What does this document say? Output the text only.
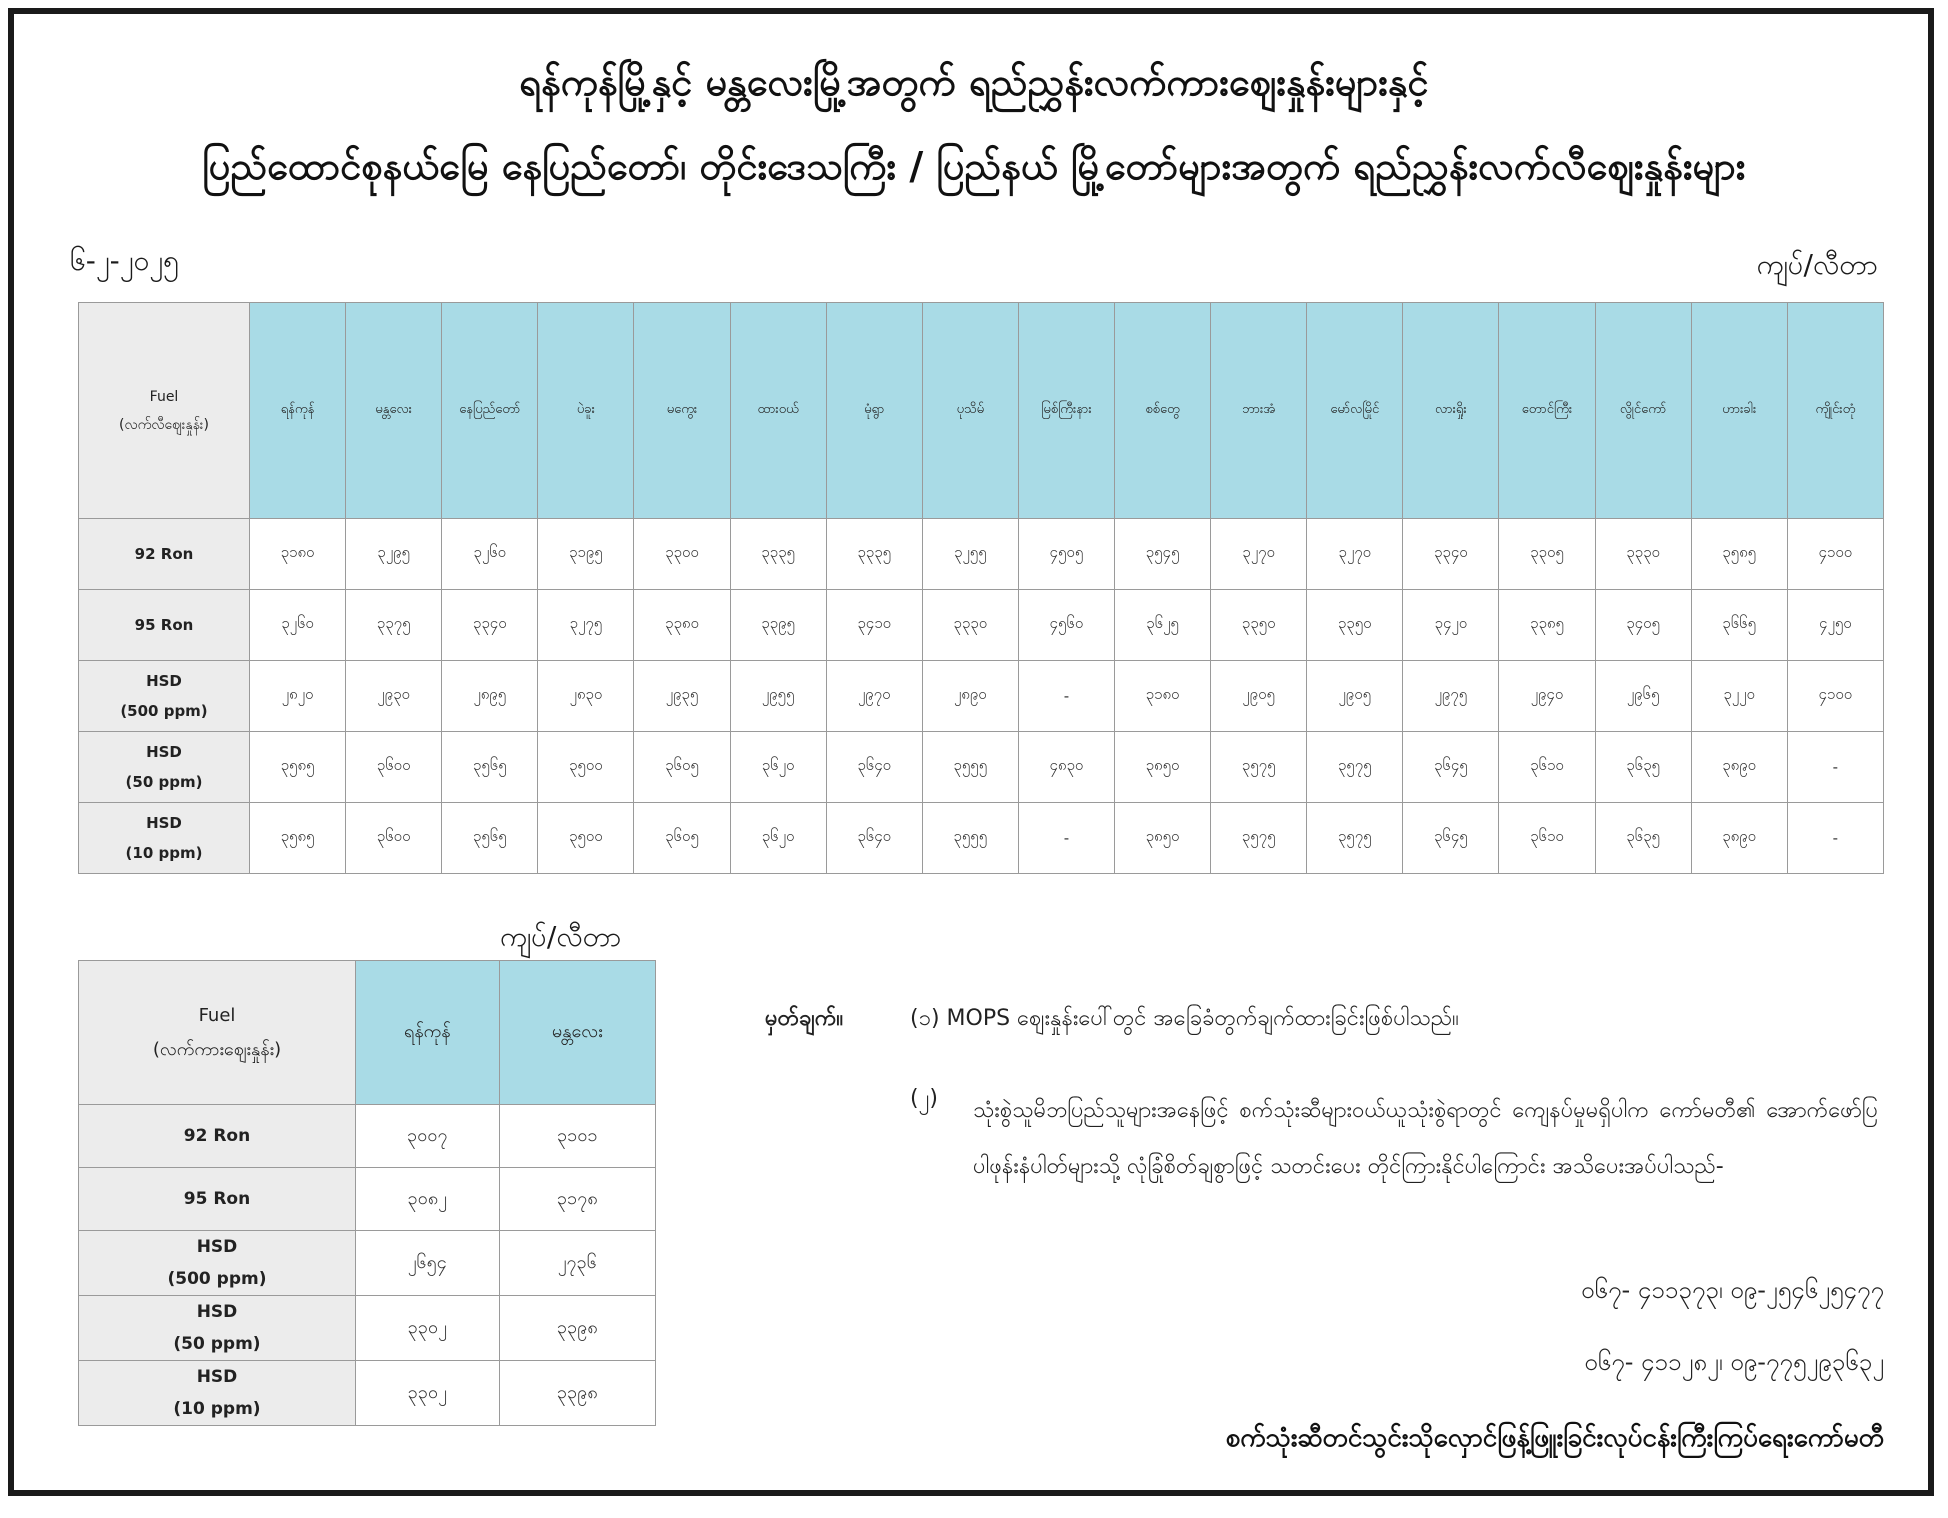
ရန်ကုန်မြို့နှင့် မန္တလေးမြို့အတွက် ရည်ညွှန်းလက်ကားဈေးနှုန်းများနှင့်
ပြည်ထောင်စုနယ်မြေ နေပြည်တော်၊ တိုင်းဒေသကြီး / ပြည်နယ် မြို့တော်များအတွက် ရည်ညွှန်းလက်လီဈေးနှုန်းများ
၆-၂-၂၀၂၅	ကျပ်/လီတာ
Fuel
(လက်လီဈေးနှုန်း)	ရန်ကုန်	မန္တလေး	နေပြည်တော်	ပဲခူး	မကွေး	ထားဝယ်	မုံရွာ	ပုသိမ်	မြစ်ကြီးနား	စစ်တွေ	ဘားအံ	မော်လမြိုင်	လားရှိုး	တောင်ကြီး	လွိုင်ကော်	ဟားခါး	ကျိုင်းတုံ

92 Ron	၃၁၈၀	၃၂၉၅	၃၂၆၀	၃၁၉၅	၃၃၀၀	၃၃၃၅	၃၃၃၅	၃၂၅၅	၄၅၀၅	၃၅၄၅	၃၂၇၀	၃၂၇၀	၃၃၄၀	၃၃၀၅	၃၃၃၀	၃၅၈၅	၄၁၀၀

95 Ron	၃၂၆၀	၃၃၇၅	၃၃၄၀	၃၂၇၅	၃၃၈၀	၃၃၉၅	၃၄၁၀	၃၃၃၀	၄၅၆၀	၃၆၂၅	၃၃၅၀	၃၃၅၀	၃၄၂၀	၃၃၈၅	၃၄၀၅	၃၆၆၅	၄၂၅၀

HSD
(500 ppm)	၂၈၂၀	၂၉၃၀	၂၈၉၅	၂၈၃၀	၂၉၃၅	၂၉၅၅	၂၉၇၀	၂၈၉၀	-	၃၁၈၀	၂၉၀၅	၂၉၀၅	၂၉၇၅	၂၉၄၀	၂၉၆၅	၃၂၂၀	၄၁၀၀

HSD
(50 ppm)	၃၅၈၅	၃၆၀၀	၃၅၆၅	၃၅၀၀	၃၆၀၅	၃၆၂၀	၃၆၄၀	၃၅၅၅	၄၈၃၀	၃၈၅၀	၃၅၇၅	၃၅၇၅	၃၆၄၅	၃၆၁၀	၃၆၃၅	၃၈၉၀	-

HSD
(10 ppm)	၃၅၈၅	၃၆၀၀	၃၅၆၅	၃၅၀၀	၃၆၀၅	၃၆၂၀	၃၆၄၀	၃၅၅၅	-	၃၈၅၀	၃၅၇၅	၃၅၇၅	၃၆၄၅	၃၆၁၀	၃၆၃၅	၃၈၉၀	-
ကျပ်/လီတာ
Fuel
(လက်ကားဈေးနှုန်း)	ရန်ကုန်	မန္တလေး

92 Ron	၃၀၀၇	၃၁၀၁

95 Ron	၃၀၈၂	၃၁၇၈

HSD
(500 ppm)	၂၆၅၄	၂၇၃၆

HSD
(50 ppm)	၃၃၀၂	၃၃၉၈

HSD
(10 ppm)	၃၃၀၂	၃၃၉၈
မှတ်ချက်။	(၁) MOPS ဈေးနှုန်းပေါ်တွင် အခြေခံတွက်ချက်ထားခြင်းဖြစ်ပါသည်။
(၂) သုံးစွဲသူမိဘပြည်သူများအနေဖြင့် စက်သုံးဆီများဝယ်ယူသုံးစွဲရာတွင် ကျေနပ်မှုမရှိပါက ကော်မတီ၏ အောက်ဖော်ပြပါဖုန်းနံပါတ်များသို့ လုံခြုံစိတ်ချစွာဖြင့် သတင်းပေး တိုင်ကြားနိုင်ပါကြောင်း အသိပေးအပ်ပါသည်-
၀၆၇- ၄၁၁၃၇၃၊ ၀၉-၂၅၄၆၂၅၄၇၇
၀၆၇- ၄၁၁၂၈၂၊ ၀၉-၇၇၅၂၉၃၆၃၂
စက်သုံးဆီတင်သွင်းသိုလှောင်ဖြန့်ဖြူးခြင်းလုပ်ငန်းကြီးကြပ်ရေးကော်မတီ
